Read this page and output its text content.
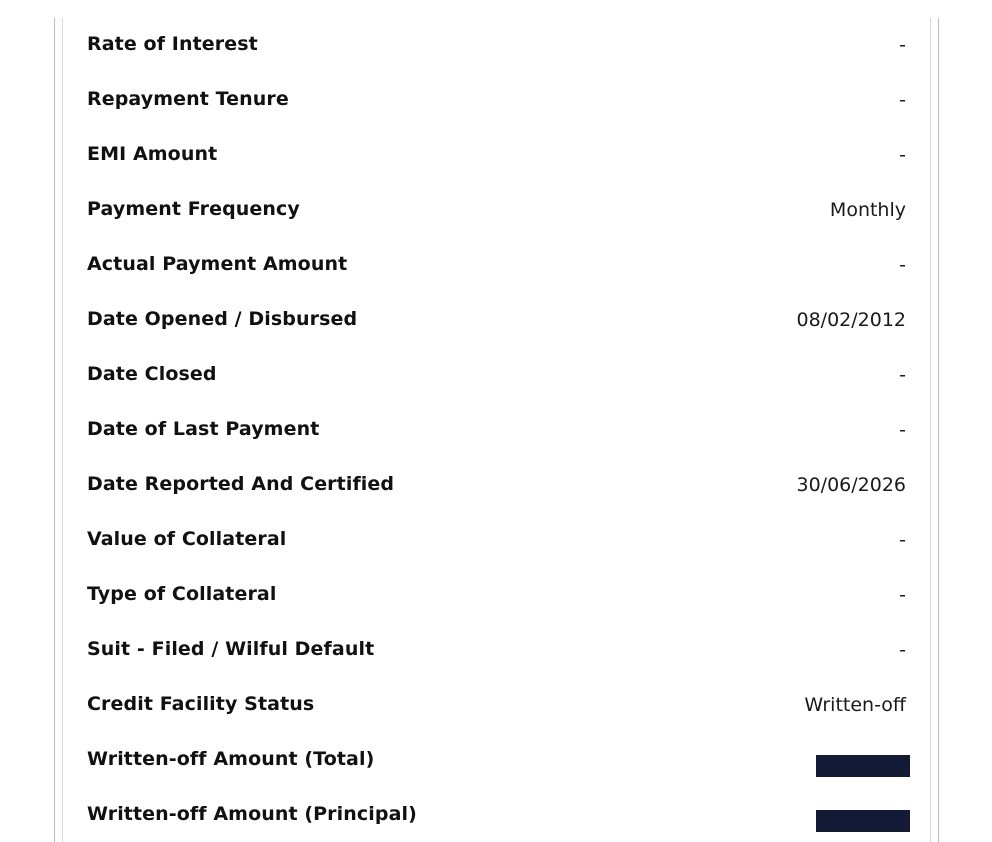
Rate of Interest	-
Repayment Tenure	-
EMI Amount	-
Payment Frequency	Monthly
Actual Payment Amount	-
Date Opened / Disbursed	08/02/2012
Date Closed	-
Date of Last Payment	-
Date Reported And Certified	30/06/2026
Value of Collateral	-
Type of Collateral	-
Suit - Filed / Wilful Default	-
Credit Facility Status	Written-off
Written-off Amount (Total)
Written-off Amount (Principal)
